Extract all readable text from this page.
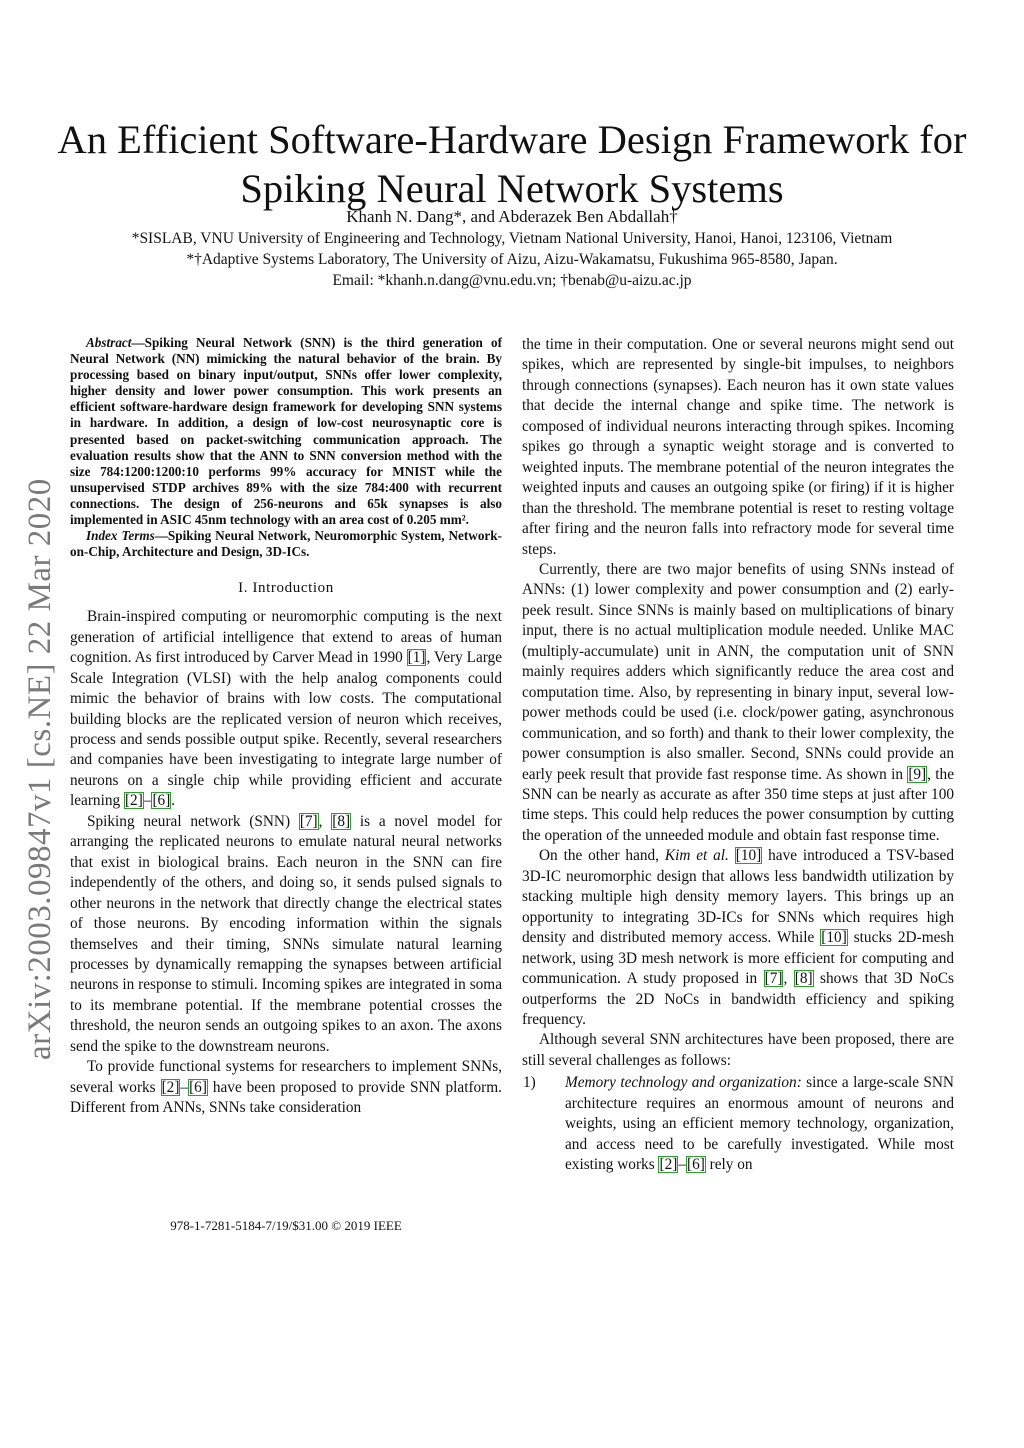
arXiv:2003.09847v1 [cs.NE] 22 Mar 2020
An Efficient Software-Hardware Design Framework for Spiking Neural Network Systems
Khanh N. Dang*, and Abderazek Ben Abdallah†
*SISLAB, VNU University of Engineering and Technology, Vietnam National University, Hanoi, Hanoi, 123106, Vietnam
*†Adaptive Systems Laboratory, The University of Aizu, Aizu-Wakamatsu, Fukushima 965-8580, Japan.
Email: *khanh.n.dang@vnu.edu.vn; †benab@u-aizu.ac.jp

Abstract—Spiking Neural Network (SNN) is the third generation of Neural Network (NN) mimicking the natural behavior of the brain. By processing based on binary input/output, SNNs offer lower complexity, higher density and lower power consumption. This work presents an efficient software-hardware design framework for developing SNN systems in hardware. In addition, a design of low-cost neurosynaptic core is presented based on packet-switching communication approach. The evaluation results show that the ANN to SNN conversion method with the size 784:1200:1200:10 performs 99% accuracy for MNIST while the unsupervised STDP archives 89% with the size 784:400 with recurrent connections. The design of 256-neurons and 65k synapses is also implemented in ASIC 45nm technology with an area cost of 0.205 mm².

Index Terms—Spiking Neural Network, Neuromorphic System, Network-on-Chip, Architecture and Design, 3D-ICs.

I. Introduction

Brain-inspired computing or neuromorphic computing is the next generation of artificial intelligence that extend to areas of human cognition. As first introduced by Carver Mead in 1990 [1], Very Large Scale Integration (VLSI) with the help analog components could mimic the behavior of brains with low costs. The computational building blocks are the replicated version of neuron which receives, process and sends possible output spike. Recently, several researchers and companies have been investigating to integrate large number of neurons on a single chip while providing efficient and accurate learning [2]–[6].

Spiking neural network (SNN) [7], [8] is a novel model for arranging the replicated neurons to emulate natural neural networks that exist in biological brains. Each neuron in the SNN can fire independently of the others, and doing so, it sends pulsed signals to other neurons in the network that directly change the electrical states of those neurons. By encoding information within the signals themselves and their timing, SNNs simulate natural learning processes by dynamically remapping the synapses between artificial neurons in response to stimuli. Incoming spikes are integrated in soma to its membrane potential. If the membrane potential crosses the threshold, the neuron sends an outgoing spikes to an axon. The axons send the spike to the downstream neurons.

To provide functional systems for researchers to implement SNNs, several works [2]–[6] have been proposed to provide SNN platform. Different from ANNs, SNNs take consideration

978-1-7281-5184-7/19/$31.00 © 2019 IEEE

the time in their computation. One or several neurons might send out spikes, which are represented by single-bit impulses, to neighbors through connections (synapses). Each neuron has it own state values that decide the internal change and spike time. The network is composed of individual neurons interacting through spikes. Incoming spikes go through a synaptic weight storage and is converted to weighted inputs. The membrane potential of the neuron integrates the weighted inputs and causes an outgoing spike (or firing) if it is higher than the threshold. The membrane potential is reset to resting voltage after firing and the neuron falls into refractory mode for several time steps.

Currently, there are two major benefits of using SNNs instead of ANNs: (1) lower complexity and power consumption and (2) early-peek result. Since SNNs is mainly based on multiplications of binary input, there is no actual multiplication module needed. Unlike MAC (multiply-accumulate) unit in ANN, the computation unit of SNN mainly requires adders which significantly reduce the area cost and computation time. Also, by representing in binary input, several low-power methods could be used (i.e. clock/power gating, asynchronous communication, and so forth) and thank to their lower complexity, the power consumption is also smaller. Second, SNNs could provide an early peek result that provide fast response time. As shown in [9], the SNN can be nearly as accurate as after 350 time steps at just after 100 time steps. This could help reduces the power consumption by cutting the operation of the unneeded module and obtain fast response time.

On the other hand, Kim et al. [10] have introduced a TSV-based 3D-IC neuromorphic design that allows less bandwidth utilization by stacking multiple high density memory layers. This brings up an opportunity to integrating 3D-ICs for SNNs which requires high density and distributed memory access. While [10] stucks 2D-mesh network, using 3D mesh network is more efficient for computing and communication. A study proposed in [7], [8] shows that 3D NoCs outperforms the 2D NoCs in bandwidth efficiency and spiking frequency.

Although several SNN architectures have been proposed, there are still several challenges as follows:

1)	Memory technology and organization: since a large-scale SNN architecture requires an enormous amount of neurons and weights, using an efficient memory technology, organization, and access need to be carefully investigated. While most existing works [2]–[6] rely on
